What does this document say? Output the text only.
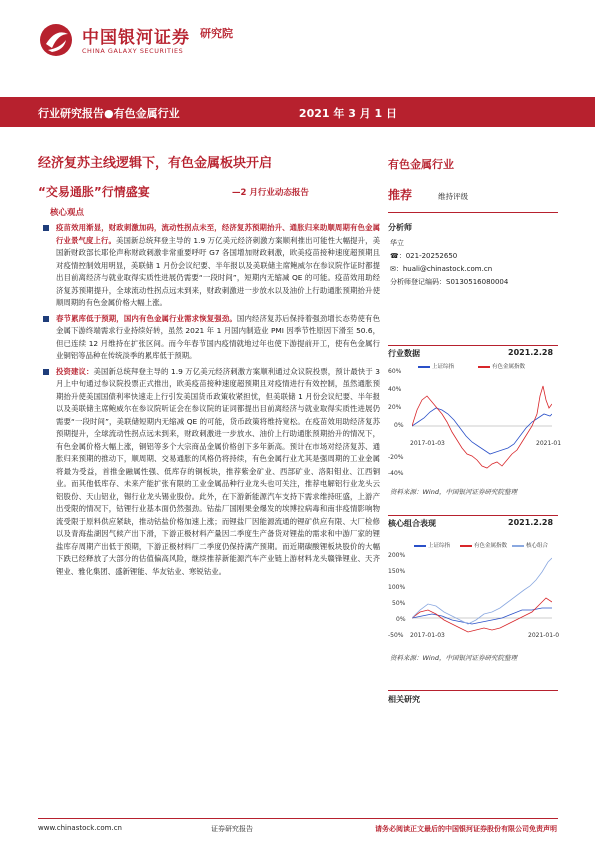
中国银河证券
CHINA GALAXY SECURITIES
研究院
行业研究报告●有色金属行业	2021 年 3 月 1 日
经济复苏主线逻辑下，有色金属板块开启
“交易通胀”行情盛宴	—2 月行业动态报告
核心观点
疫苗效用渐显，财政刺激加码，流动性拐点未至，经济复苏预期抬升、通胀归来助顺周期有色金属行业景气度上行。美国新总统拜登主导的 1.9 万亿美元经济刺激方案顺利推出可能性大幅提升，美国新财政部长耶伦声称财政刺激非常重要呼吁 G7 各国增加财政刺激，欧美疫苗接种速度超预期且对疫情控制效用明显，美联储 1 月份会议纪要、半年报以及美联储主席鲍威尔在参议院作证时都提出目前离经济与就业取得实质性进展仍需要“一段时间”，短期内无缩减 QE 的可能。疫苗效用助经济复苏预期提升，全球流动性拐点远未到来，财政刺激进一步放水以及油价上行助通胀预期抬升使顺周期的有色金属价格大幅上涨。
春节累库低于预期，国内有色金属行业需求恢复强劲。国内经济复苏后保持着强劲增长态势使有色金属下游终端需求行业持续好转，虽然 2021 年 1 月国内制造业 PMI 因季节性原因下滑至 50.6，但已连续 12 月维持在扩张区间。而今年春节国内疫情就地过年也使下游提前开工，使有色金属行业铜铝等品种在传统淡季的累库低于预期。
投资建议：美国新总统拜登主导的 1.9 万亿美元经济刺激方案顺利通过众议院投票，预计最快于 3 月上中旬通过参议院投票正式推出，欧美疫苗接种速度超预期且对疫情进行有效控制，虽然通胀预期抬升使美国国债利率快速走上行引发美国货币政策收紧担忧，但美联储 1 月份会议纪要、半年报以及美联储主席鲍威尔在参议院听证会在参议院的证词都提出目前离经济与就业取得实质性进展仍需要“一段时间”，美联储短期内无缩减 QE 的可能，货币政策将维持宽松。在疫苗效用助经济复苏预期提升，全球流动性拐点远未到来，财政刺激进一步放水、油价上行助通胀预期抬升的情况下，有色金属价格大幅上涨，铜铝等多个大宗商品金属价格创下多年新高。预计在市场对经济复苏、通胀归来预期的推动下，顺周期、交易通胀的风格仍将持续，有色金属行业尤其是强周期的工业金属将最为受益，首推金融属性强、低库存的铜板块，推荐紫金矿业、西部矿业、洛阳钼业、江西铜业。而其他低库存、未来产能扩张有限的工业金属品种行业龙头也可关注，推荐电解铝行业龙头云铝股份、天山铝业，锡行业龙头锡业股份。此外，在下游新能源汽车支持下需求维持旺盛，上游产出受限的情况下，钴锂行业基本面仍然强劲。钴盐厂国刚果金爆发的埃博拉病毒和南非疫情影响物流受限于原料供应紧缺，推动钴盐价格加速上涨；而锂盐厂因能源流通的锂矿供应有限、大厂检修以及青海盐湖因气候产出下滑，下游正极材料产量因二季度生产备货对锂盐的需求和中游厂家的锂盐库存周期产出低于预期，下游正极材料厂二季度仍保持满产预期。而近期碳酸锂板块股价的大幅下跌已经释放了大部分的估值偏高风险，继续推荐新能源汽车产业链上游材料龙头赣锋锂业、天齐锂业、雅化集团、盛新锂能、华友钴业、寒锐钴业。
有色金属行业
推荐	维持评级
分析师
华立
☎：021-20252650
✉：huali@chinastock.com.cn
分析师登记编码：S0130516080004
行业数据	2021.2.28
上证综指	有色金属指数
60%
40%
20%
0%
-20%
-40%
2017-01-03	2021-01
资料来源：Wind，中国银河证券研究院整理
核心组合表现	2021.2.28
上证综指	有色金属指数	核心组合
200%
150%
100%
50%
0%
-50% 2017-01-03	2021-01-0
资料来源：Wind，中国银河证券研究院整理
相关研究
www.chinastock.com.cn	证券研究报告	请务必阅读正文最后的中国银河证券股份有限公司免责声明
